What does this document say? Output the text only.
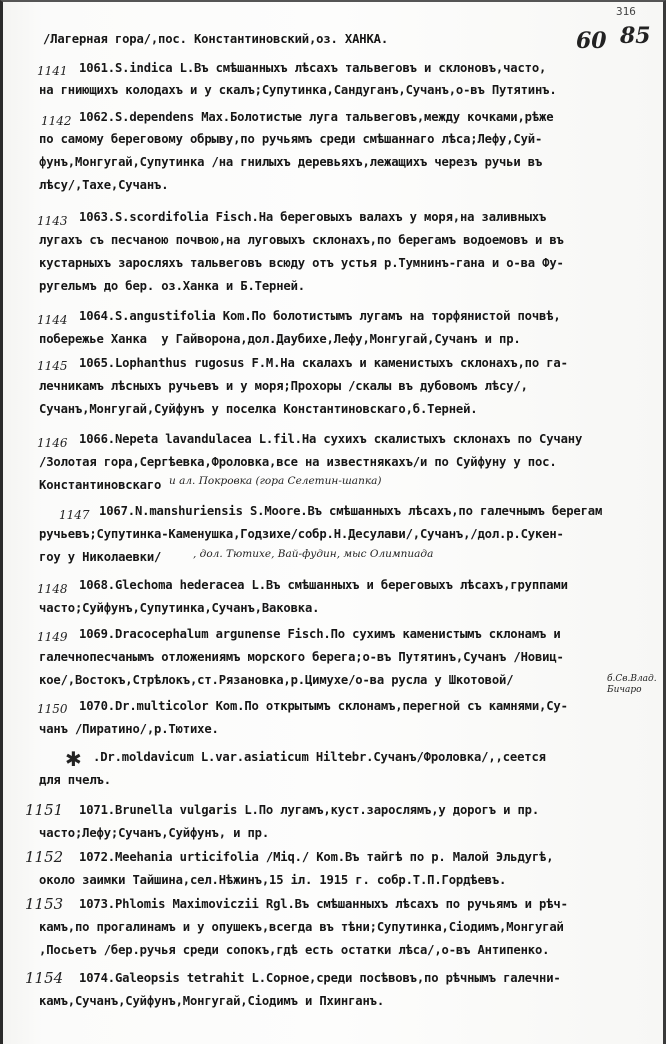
316
60 85
/Лагерная гора/,пос. Константиновский,оз. ХАНКА.
1141 1061.S.indica L.Въ смѣшанныхъ лѣсахъ тальвеговъ и склоновъ,часто,
на гниющихъ колодахъ и у скалъ;Сyпутинка,Сандуганъ,Сучанъ,о-въ Путятинъ.
1142 1062.S.dependens Max.Болотистые луга тальвеговъ,между кочками,рѣже
по самому береговому обрыву,по ручьямъ среди смѣшаннаго лѣса;Лефу,Суй-
фунъ,Монгугай,Супутинка /на гнилыхъ деревьяхъ,лежащихъ черезъ ручьи въ
лѣсу/,Тахе,Сучанъ.
1143 1063.S.scordifolia Fisch.На береговыхъ валахъ у моря,на заливныхъ
лугахъ съ песчаною почвою,на луговыхъ склонахъ,по берегамъ водоемовъ и въ
кустарныхъ заросляхъ тальвеговъ всюду отъ устья р.Тумнинъ-гана и о-ва Фу-
ругельмъ до бер. оз.Ханка и Б.Терней.
1144 1064.S.angustifolia Kom.По болотистымъ лугамъ на торфянистой почвѣ,
побережье Ханка  у Гайворона,дол.Даубихе,Лефу,Монгугай,Сучанъ и пр.
1145 1065.Lophanthus rugosus F.M.На скалахъ и каменистыхъ склонахъ,по га-
лечникамъ лѣсныхъ ручьевъ и у моря;Прохоры /скалы въ дубовомъ лѣсу/,
Сучанъ,Монгугай,Суйфунъ у поселка Константиновскаго,б.Терней.
1146 1066.Nepeta lavandulacea L.fil.На сухихъ скалистыхъ склонахъ по Сучану
/Золотая гора,Сергѣевка,Фроловка,все на известнякахъ/и по Суйфуну у пос.
Константиновскаго и ал. Покровка (гора Селетин-шапка)
1147 1067.N.manshuriensis S.Moore.Въ смѣшанныхъ лѣсахъ,по галечнымъ берегам
ручьевъ;Супутинка-Каменушка,Годзихе/собр.Н.Десулави/,Сучанъ,/дол.р.Сукен-
гоу у Николаевки/	, дол. Тютихе, Вай-фудин, мыс Олимпиада
1148 1068.Glechoma hederacea L.Въ смѣшанныхъ и береговыхъ лѣсахъ,группами
часто;Суйфунъ,Супутинка,Сучанъ,Ваковка.
1149 1069.Dracocephalum argunense Fisch.По сухимъ каменистымъ склонамъ и
галечнопесчанымъ отложениямъ морского берега;о-въ Путятинъ,Сучанъ /Новиц-
кое/,Востокъ,Стрѣлокъ,ст.Рязановка,р.Цимухе/о-ва русла у Шкотовой/	б.Св.Влад. Бичаро
1150 1070.Dr.multicolor Kom.По открытымъ склонамъ,перегной съ камнями,Су-
чанъ /Пиратино/,р.Тютихе.
✱ .Dr.moldavicum L.var.asiaticum Hiltebr.Сучанъ/Фроловка/,,сеется
для пчелъ.
1151 1071.Brunella vulgaris L.По лугамъ,куст.зарослямъ,у дорогъ и пр.
часто;Лефу;Сучанъ,Суйфунъ, и пр.
1152 1072.Meehania urticifolia /Miq./ Kom.Въ тайгѣ по р. Малой Эльдугѣ,
около заимки Тайшина,сел.Нѣжинъ,15 iл. 1915 г. собр.Т.П.Гордѣевъ.
1153 1073.Phlomis Maximoviczii Rgl.Въ смѣшанныхъ лѣсахъ по ручьямъ и рѣч-
камъ,по прогалинамъ и у опушекъ,всегда въ тѣни;Супутинка,Сiодимъ,Монгугай
,Посьетъ /бер.ручья среди сопокъ,гдѣ есть остатки лѣса/,о-въ Антипенко.
1154 1074.Galeopsis tetrahit L.Сорное,среди посѣвовъ,по рѣчнымъ галечни-
камъ,Сучанъ,Суйфунъ,Монгугай,Сiодимъ и Пхинганъ.
